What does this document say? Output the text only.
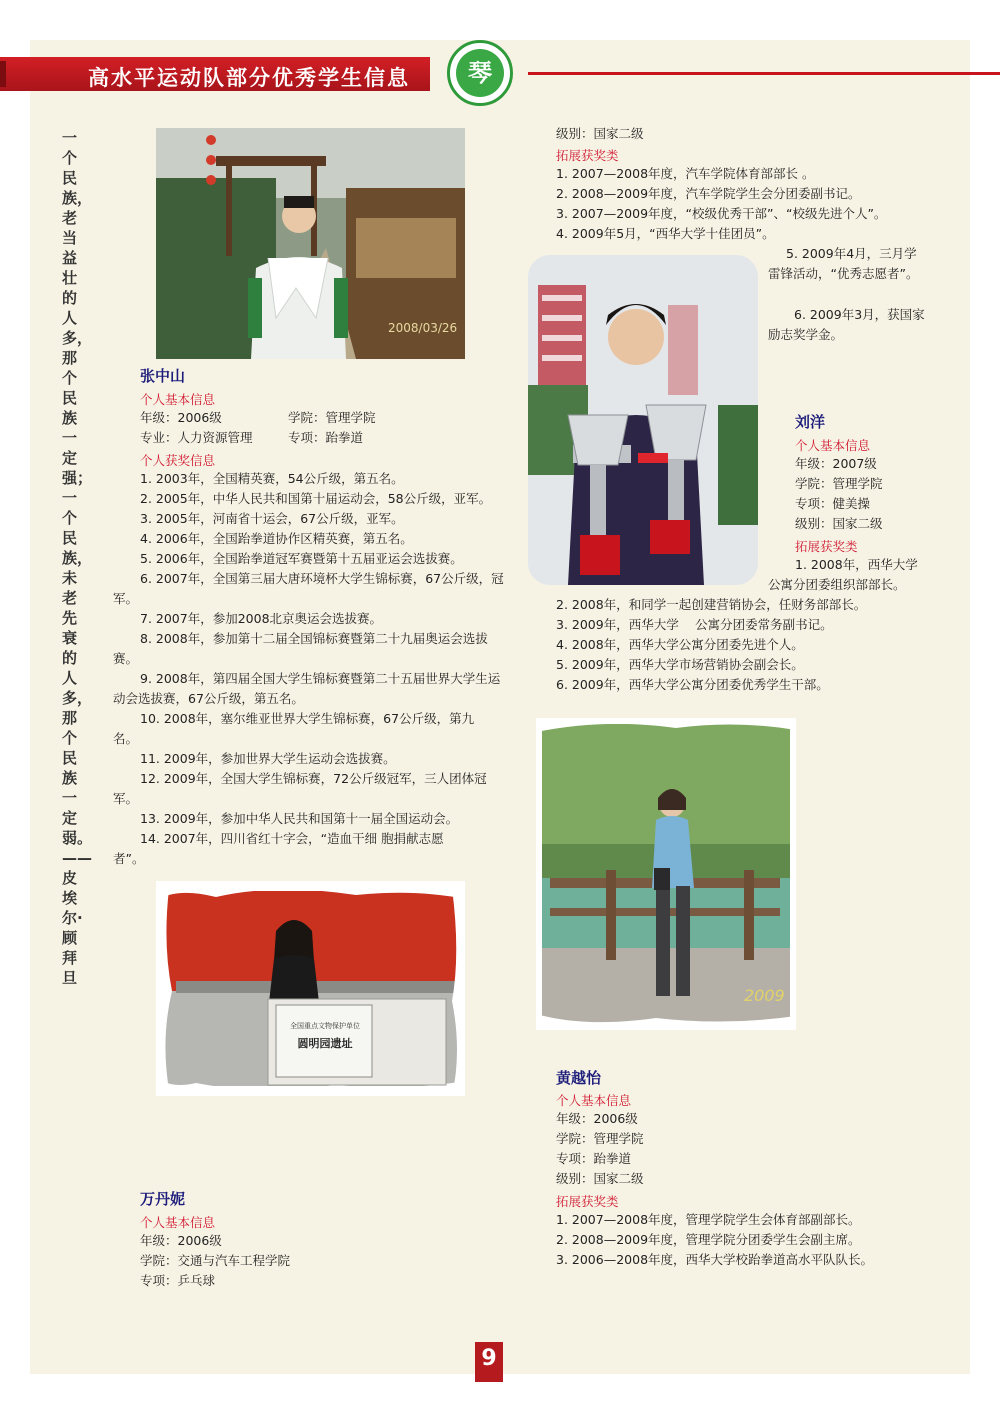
高水平运动队部分优秀学生信息	琴
一个民族，老当益壮的人多，那个民族一定强；一个民族，未老先衰的人多，那个民族一定弱。——皮埃尔·顾拜旦
2008/03/26
张中山
个人基本信息
年级：2006级	学院：管理学院
专业：人力资源管理	专项：跆拳道
个人获奖信息
1. 2003年，全国精英赛，54公斤级，第五名。
2. 2005年，中华人民共和国第十届运动会，58公斤级，亚军。
3. 2005年，河南省十运会，67公斤级，亚军。
4. 2006年，全国跆拳道协作区精英赛，第五名。
5. 2006年，全国跆拳道冠军赛暨第十五届亚运会选拔赛。
6. 2007年，全国第三届大唐环境杯大学生锦标赛，67公斤级，冠军。
7. 2007年，参加2008北京奥运会选拔赛。
8. 2008年，参加第十二届全国锦标赛暨第二十九届奥运会选拔赛。
9. 2008年，第四届全国大学生锦标赛暨第二十五届世界大学生运动会选拔赛，67公斤级，第五名。
10. 2008年，塞尔维亚世界大学生锦标赛，67公斤级，第九名。
11. 2009年，参加世界大学生运动会选拔赛。
12. 2009年，全国大学生锦标赛，72公斤级冠军，三人团体冠军。
13. 2009年，参加中华人民共和国第十一届全国运动会。
14. 2007年，四川省红十字会，“造血干细 胞捐献志愿者”。
全国重点文物保护单位
圆明园遗址
万丹妮
个人基本信息
年级：2006级
学院：交通与汽车工程学院
专项：乒乓球
级别：国家二级
拓展获奖类
1. 2007—2008年度，汽车学院体育部部长 。
2. 2008—2009年度，汽车学院学生会分团委副书记。
3. 2007—2009年度，“校级优秀干部”、“校级先进个人”。
4. 2009年5月，“西华大学十佳团员”。
5. 2009年4月，三月学雷锋活动，“优秀志愿者”。
6. 2009年3月，获国家励志奖学金。
刘洋
个人基本信息
年级：2007级
学院：管理学院
专项：健美操
级别：国家二级
拓展获奖类
1. 2008年，西华大学公寓分团委组织部部长。
2. 2008年，和同学一起创建营销协会，任财务部部长。
3. 2009年，西华大学　 公寓分团委常务副书记。
4. 2008年，西华大学公寓分团委先进个人。
5. 2009年，西华大学市场营销协会副会长。
6. 2009年，西华大学公寓分团委优秀学生干部。
2009
黄越怡
个人基本信息
年级：2006级
学院：管理学院
专项：跆拳道
级别：国家二级
拓展获奖类
1. 2007—2008年度，管理学院学生会体育部副部长。
2. 2008—2009年度，管理学院分团委学生会副主席。
3. 2006—2008年度，西华大学校跆拳道高水平队队长。
9
